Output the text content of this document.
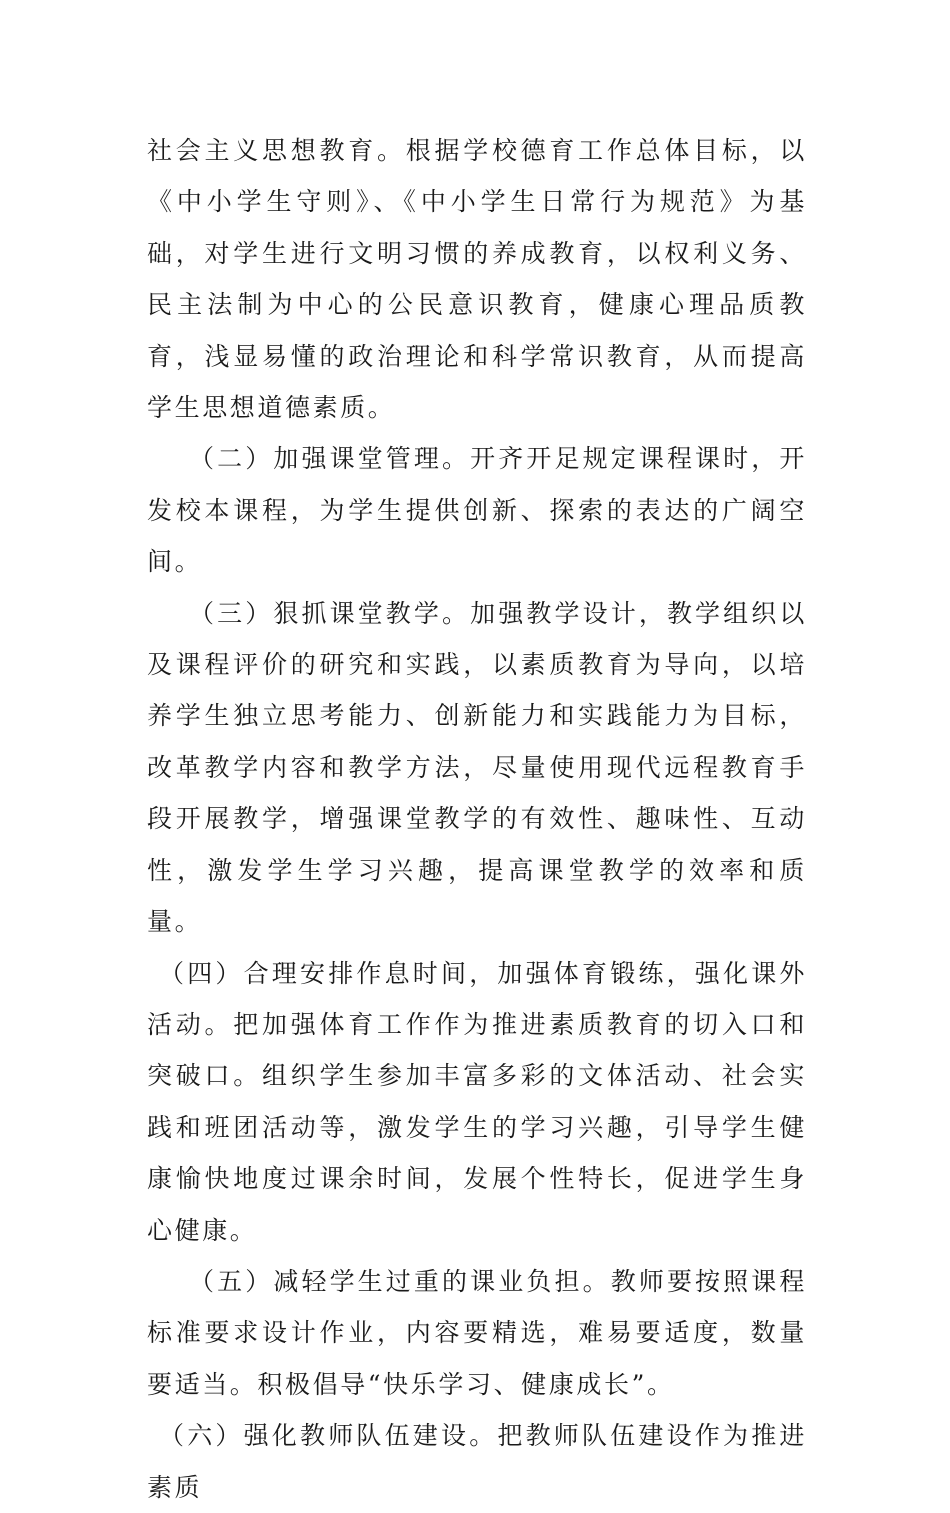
社会主义思想教育。根据学校德育工作总体目标，以《中小学生守则》、《中小学生日常行为规范》为基础，对学生进行文明习惯的养成教育，以权利义务、民主法制为中心的公民意识教育，健康心理品质教育，浅显易懂的政治理论和科学常识教育，从而提高学生思想道德素质。

（二）加强课堂管理。开齐开足规定课程课时，开发校本课程，为学生提供创新、探索的表达的广阔空间。

（三）狠抓课堂教学。加强教学设计，教学组织以及课程评价的研究和实践，以素质教育为导向，以培养学生独立思考能力、创新能力和实践能力为目标，改革教学内容和教学方法，尽量使用现代远程教育手段开展教学，增强课堂教学的有效性、趣味性、互动性，激发学生学习兴趣，提高课堂教学的效率和质量。

（四）合理安排作息时间，加强体育锻练，强化课外活动。把加强体育工作作为推进素质教育的切入口和突破口。组织学生参加丰富多彩的文体活动、社会实践和班团活动等，激发学生的学习兴趣，引导学生健康愉快地度过课余时间，发展个性特长，促进学生身心健康。

（五）减轻学生过重的课业负担。教师要按照课程标准要求设计作业，内容要精选，难易要适度，数量要适当。积极倡导“快乐学习、健康成长”。

（六）强化教师队伍建设。把教师队伍建设作为推进素质
